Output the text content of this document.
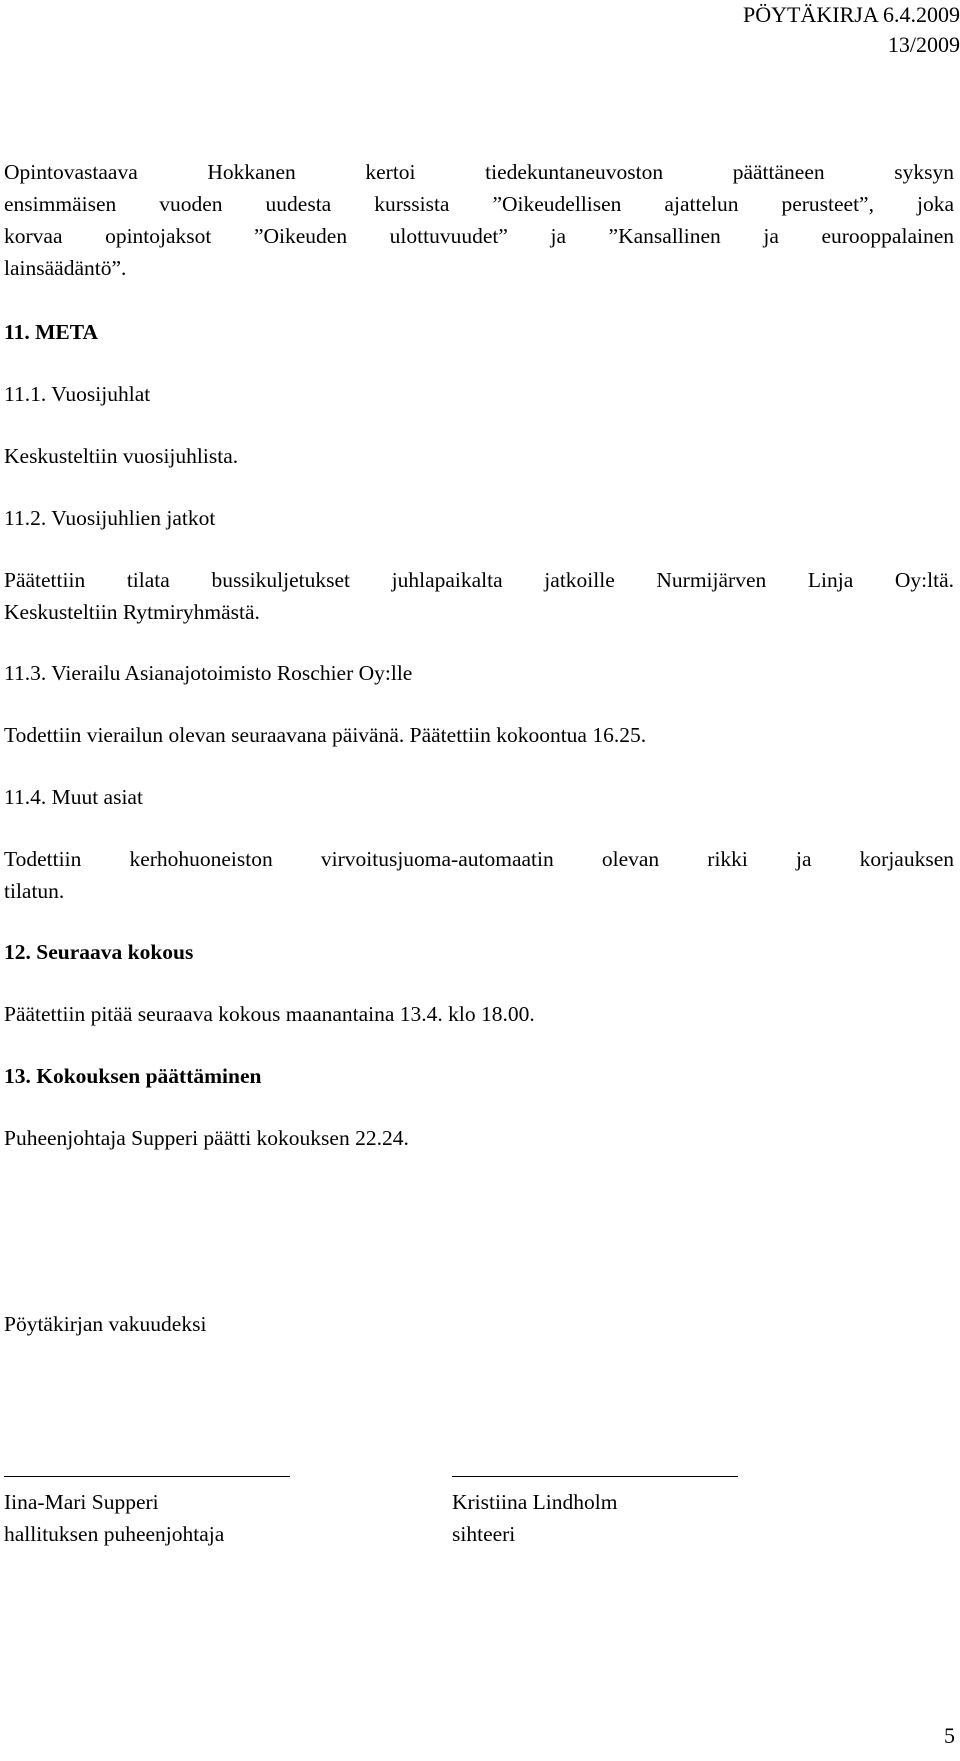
PÖYTÄKIRJA 6.4.2009
13/2009
Opintovastaava Hokkanen kertoi tiedekuntaneuvoston päättäneen syksyn
ensimmäisen vuoden uudesta kurssista ”Oikeudellisen ajattelun perusteet”, joka
korvaa opintojaksot ”Oikeuden ulottuvuudet” ja ”Kansallinen ja eurooppalainen
lainsäädäntö”.
11. META
11.1. Vuosijuhlat
Keskusteltiin vuosijuhlista.
11.2. Vuosijuhlien jatkot
Päätettiin tilata bussikuljetukset juhlapaikalta jatkoille Nurmijärven Linja Oy:ltä.
Keskusteltiin Rytmiryhmästä.
11.3. Vierailu Asianajotoimisto Roschier Oy:lle
Todettiin vierailun olevan seuraavana päivänä. Päätettiin kokoontua 16.25.
11.4. Muut asiat
Todettiin kerhohuoneiston virvoitusjuoma-automaatin olevan rikki ja korjauksen
tilatun.
12. Seuraava kokous
Päätettiin pitää seuraava kokous maanantaina 13.4. klo 18.00.
13. Kokouksen päättäminen
Puheenjohtaja Supperi päätti kokouksen 22.24.
Pöytäkirjan vakuudeksi
Iina-Mari Supperi
hallituksen puheenjohtaja
Kristiina Lindholm
sihteeri
5
